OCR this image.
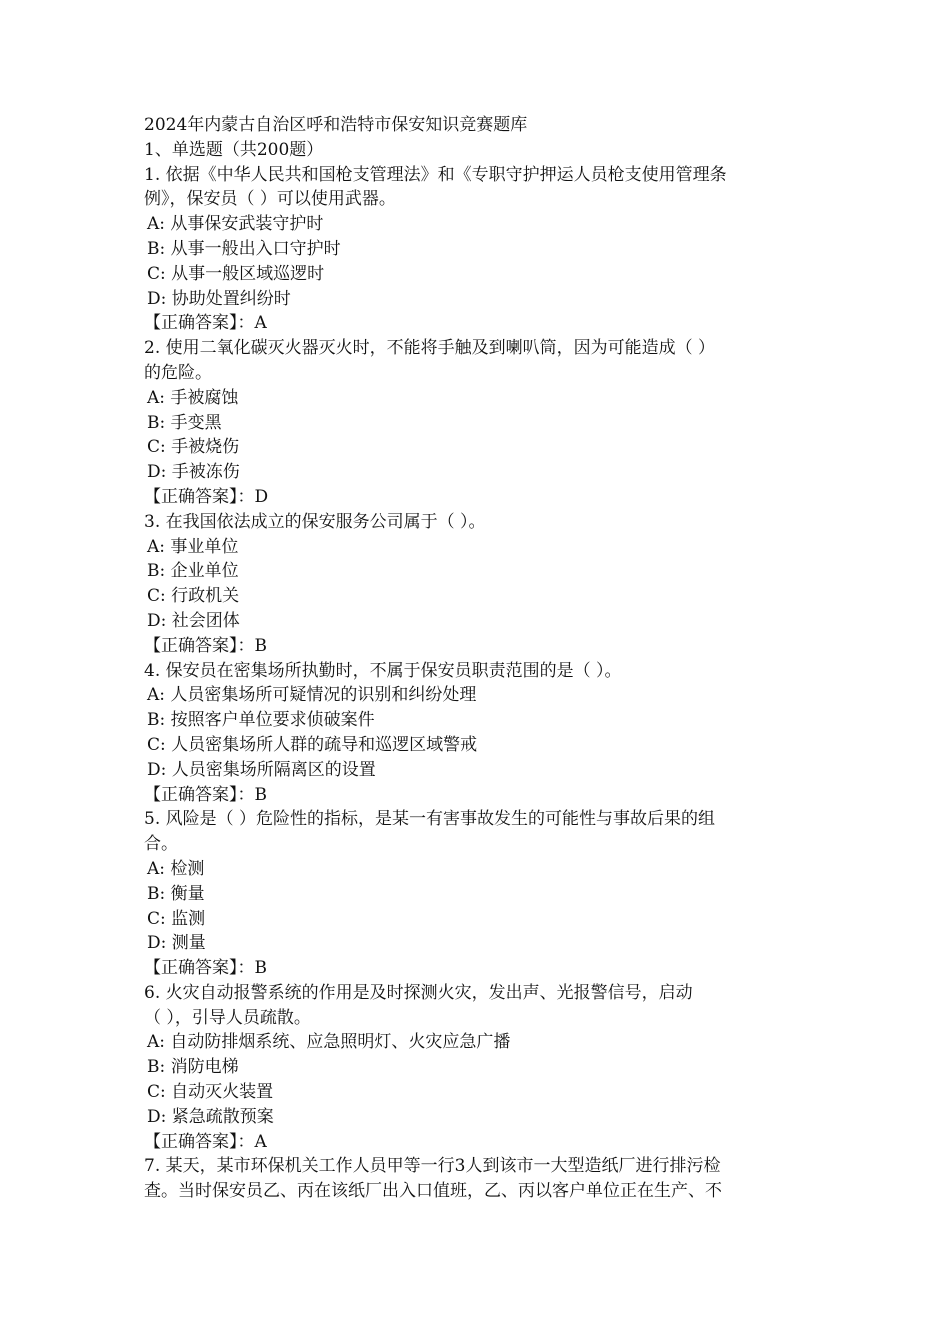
2024年内蒙古自治区呼和浩特市保安知识竞赛题库

1、单选题（共200题）

1. 依据《中华人民共和国枪支管理法》和《专职守护押运人员枪支使用管理条

例》，保安员（ ）可以使用武器。

A: 从事保安武装守护时

B: 从事一般出入口守护时

C: 从事一般区域巡逻时

D: 协助处置纠纷时

【正确答案】：A

2. 使用二氧化碳灭火器灭火时，不能将手触及到喇叭筒，因为可能造成（ ）

的危险。

A: 手被腐蚀

B: 手变黑

C: 手被烧伤

D: 手被冻伤

【正确答案】：D

3. 在我国依法成立的保安服务公司属于（ ）。

A: 事业单位

B: 企业单位

C: 行政机关

D: 社会团体

【正确答案】：B

4. 保安员在密集场所执勤时，不属于保安员职责范围的是（ ）。

A: 人员密集场所可疑情况的识别和纠纷处理

B: 按照客户单位要求侦破案件

C: 人员密集场所人群的疏导和巡逻区域警戒

D: 人员密集场所隔离区的设置

【正确答案】：B

5. 风险是（ ）危险性的指标，是某一有害事故发生的可能性与事故后果的组

合。

A: 检测

B: 衡量

C: 监测

D: 测量

【正确答案】：B

6. 火灾自动报警系统的作用是及时探测火灾，发出声、光报警信号，启动

（ ），引导人员疏散。

A: 自动防排烟系统、应急照明灯、火灾应急广播

B: 消防电梯

C: 自动灭火装置

D: 紧急疏散预案

【正确答案】：A

7. 某天，某市环保机关工作人员甲等一行3人到该市一大型造纸厂进行排污检

查。当时保安员乙、丙在该纸厂出入口值班，乙、丙以客户单位正在生产、不
